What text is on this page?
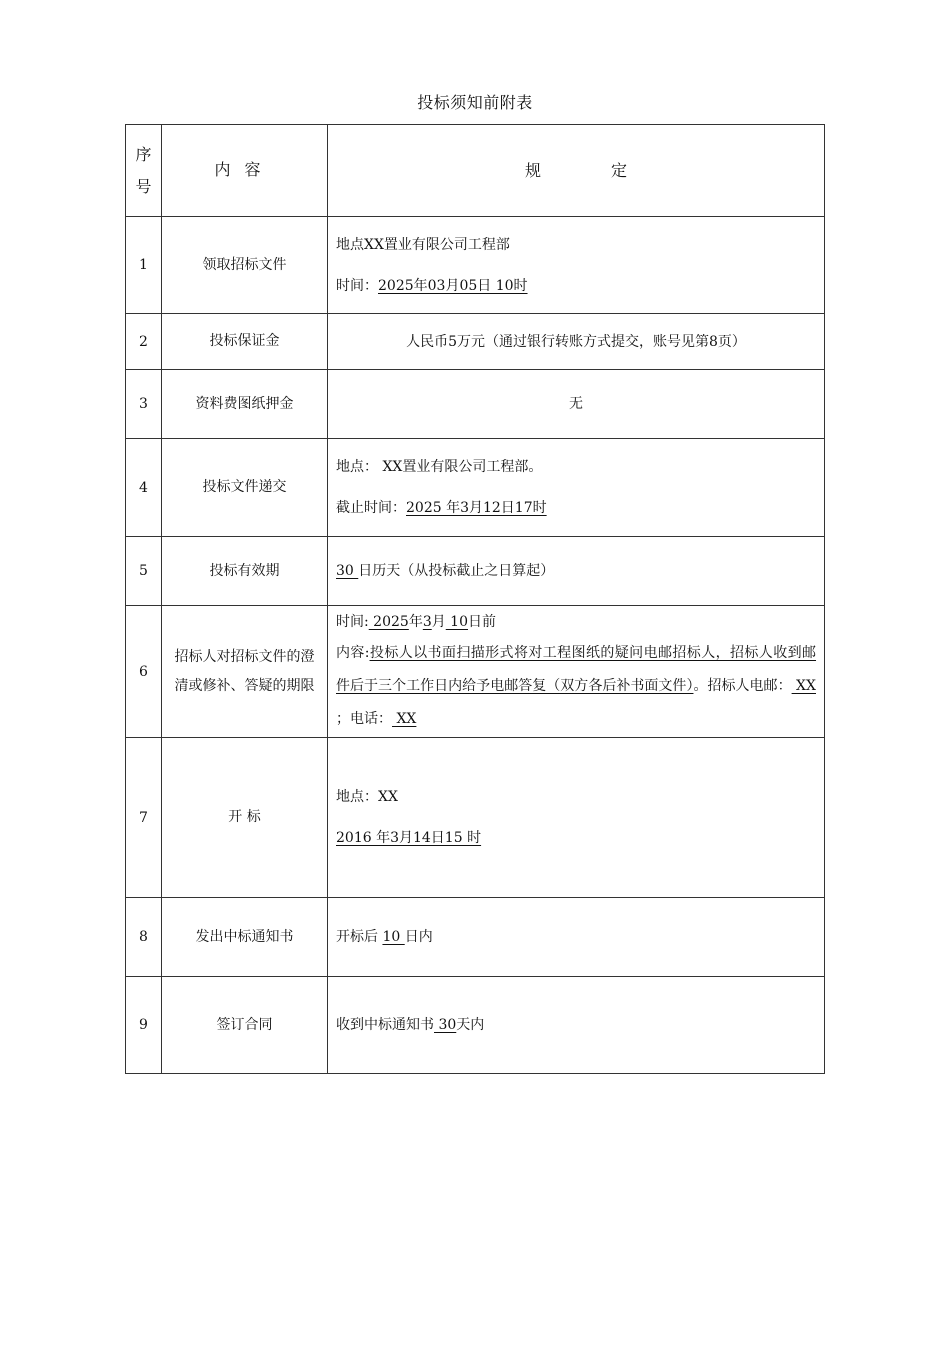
投标须知前附表
序
号	内容	规 定
1	领取招标文件	地点XX置业有限公司工程部
时间：2025年03月05日 10时

2	投标保证金	人民币5万元（通过银行转账方式提交，账号见第8页）
3	资料费图纸押金	无
4	投标文件递交	地点： XX置业有限公司工程部。
截止时间：2025 年3月12日17时

5	投标有效期	30 日历天（从投标截止之日算起）
6	招标人对招标文件的澄清或修补、答疑的期限	时间: 2025年3月 10日前
内容:投标人以书面扫描形式将对工程图纸的疑问电邮招标人，招标人收到邮件后于三个工作日内给予电邮答复（双方各后补书面文件）。招标人电邮： XX ；电话： XX

7	开 标	地点：XX
2016 年3月14日15 时
8	发出中标通知书	开标后 10 日内
9	签订合同	收到中标通知书 30天内
